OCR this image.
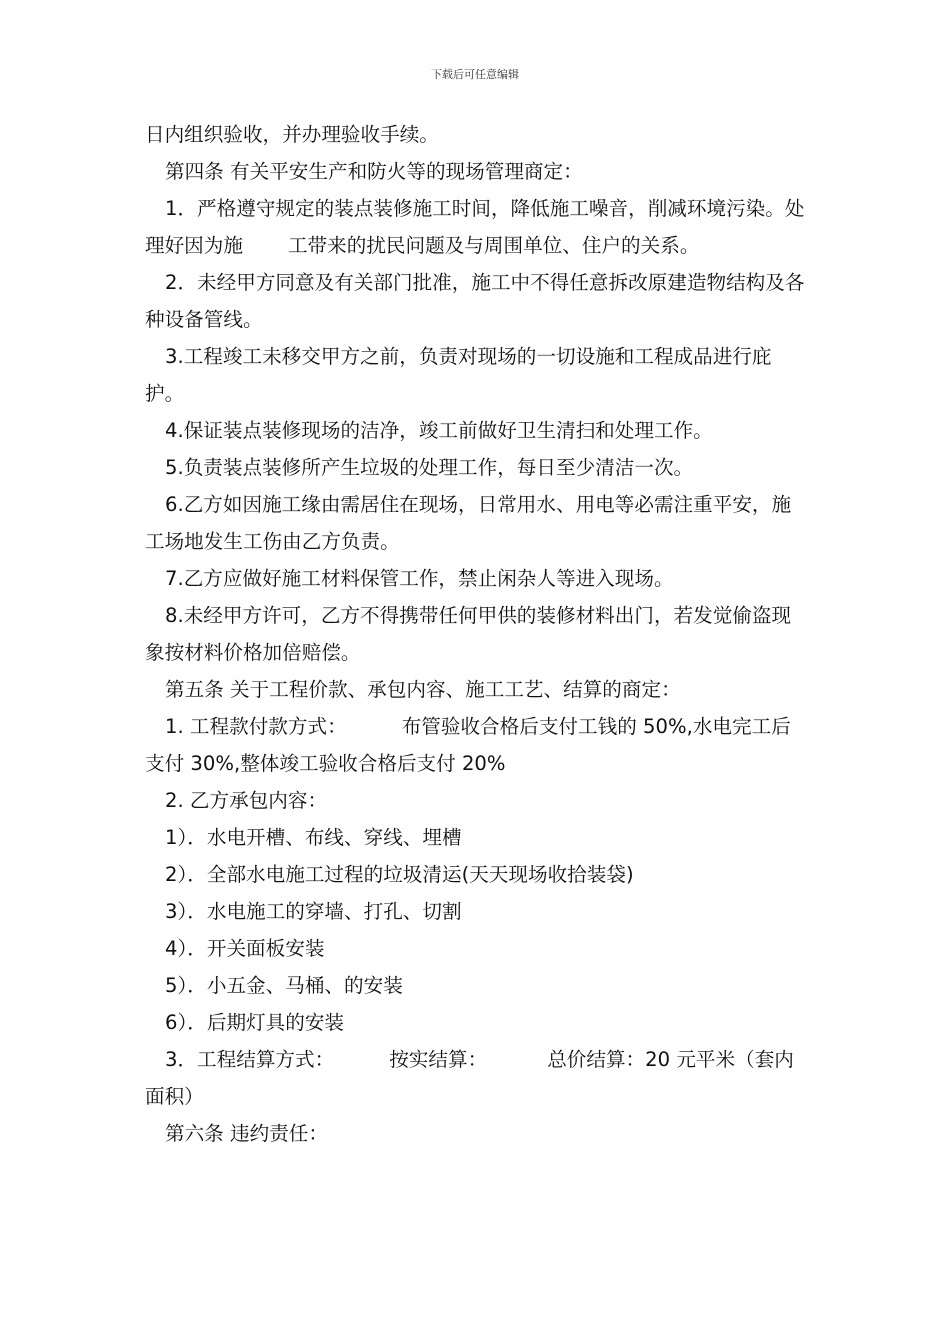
下载后可任意编辑

日内组织验收，并办理验收手续。

第四条 有关平安生产和防火等的现场管理商定：

1．严格遵守规定的装点装修施工时间，降低施工噪音，削减环境污染。处理好因为施 工带来的扰民问题及与周围单位、住户的关系。

2．未经甲方同意及有关部门批准，施工中不得任意拆改原建造物结构及各种设备管线。

3.工程竣工未移交甲方之前，负责对现场的一切设施和工程成品进行庇护。

4.保证装点装修现场的洁净，竣工前做好卫生清扫和处理工作。

5.负责装点装修所产生垃圾的处理工作，每日至少清洁一次。

6.乙方如因施工缘由需居住在现场，日常用水、用电等必需注重平安，施工场地发生工伤由乙方负责。

7.乙方应做好施工材料保管工作，禁止闲杂人等进入现场。

8.未经甲方许可，乙方不得携带任何甲供的装修材料出门，若发觉偷盗现象按材料价格加倍赔偿。

第五条 关于工程价款、承包内容、施工工艺、结算的商定：

1. 工程款付款方式：	布管验收合格后支付工钱的 50%,水电完工后支付 30%,整体竣工验收合格后支付 20%

2. 乙方承包内容：

1）．水电开槽、布线、穿线、埋槽

2）．全部水电施工过程的垃圾清运(天天现场收拾装袋)

3）．水电施工的穿墙、打孔、切割

4）．开关面板安装

5）．小五金、马桶、的安装

6）．后期灯具的安装

3．工程结算方式：	按实结算：	总价结算：20 元平米（套内面积）

第六条 违约责任：
